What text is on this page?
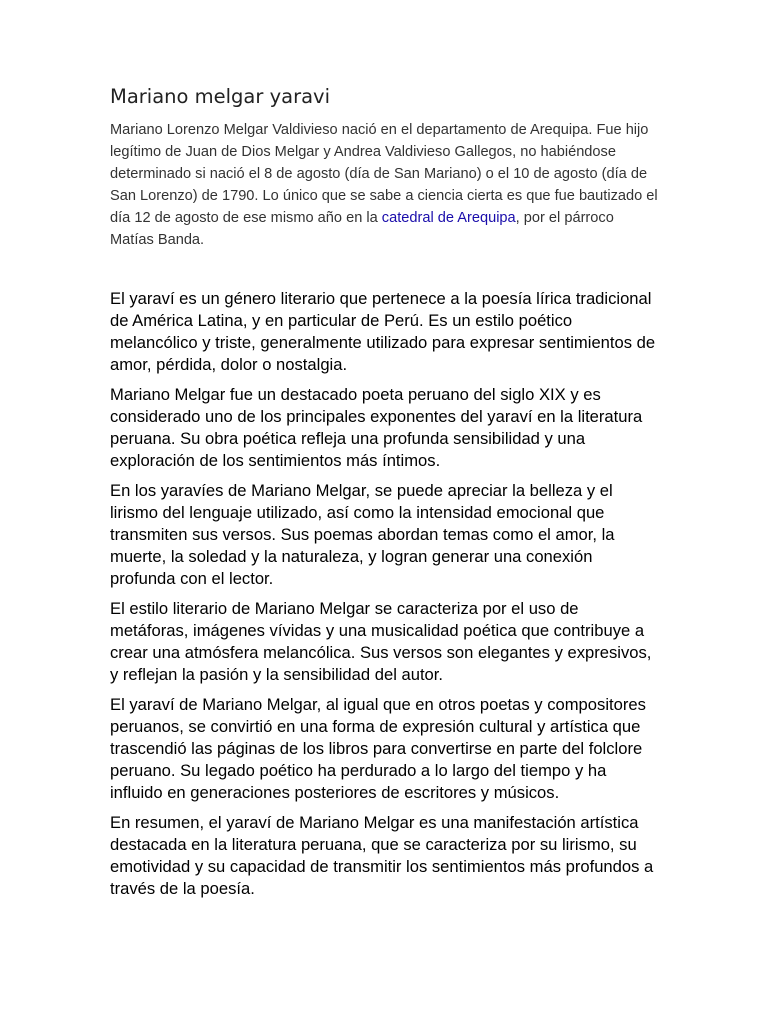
Mariano melgar yaravi

Mariano Lorenzo Melgar Valdivieso nació en el departamento de Arequipa. Fue hijo legítimo de Juan de Dios Melgar y Andrea Valdivieso Gallegos, no habiéndose determinado si nació el 8 de agosto (día de San Mariano) o el 10 de agosto (día de San Lorenzo) de 1790. Lo único que se sabe a ciencia cierta es que fue bautizado el día 12 de agosto de ese mismo año en la catedral de Arequipa, por el párroco Matías Banda.

El yaraví es un género literario que pertenece a la poesía lírica tradicional de América Latina, y en particular de Perú. Es un estilo poético melancólico y triste, generalmente utilizado para expresar sentimientos de amor, pérdida, dolor o nostalgia.

Mariano Melgar fue un destacado poeta peruano del siglo XIX y es considerado uno de los principales exponentes del yaraví en la literatura peruana. Su obra poética refleja una profunda sensibilidad y una exploración de los sentimientos más íntimos.

En los yaravíes de Mariano Melgar, se puede apreciar la belleza y el lirismo del lenguaje utilizado, así como la intensidad emocional que transmiten sus versos. Sus poemas abordan temas como el amor, la muerte, la soledad y la naturaleza, y logran generar una conexión profunda con el lector.

El estilo literario de Mariano Melgar se caracteriza por el uso de metáforas, imágenes vívidas y una musicalidad poética que contribuye a crear una atmósfera melancólica. Sus versos son elegantes y expresivos, y reflejan la pasión y la sensibilidad del autor.

El yaraví de Mariano Melgar, al igual que en otros poetas y compositores peruanos, se convirtió en una forma de expresión cultural y artística que trascendió las páginas de los libros para convertirse en parte del folclore peruano. Su legado poético ha perdurado a lo largo del tiempo y ha influido en generaciones posteriores de escritores y músicos.

En resumen, el yaraví de Mariano Melgar es una manifestación artística destacada en la literatura peruana, que se caracteriza por su lirismo, su emotividad y su capacidad de transmitir los sentimientos más profundos a través de la poesía.
